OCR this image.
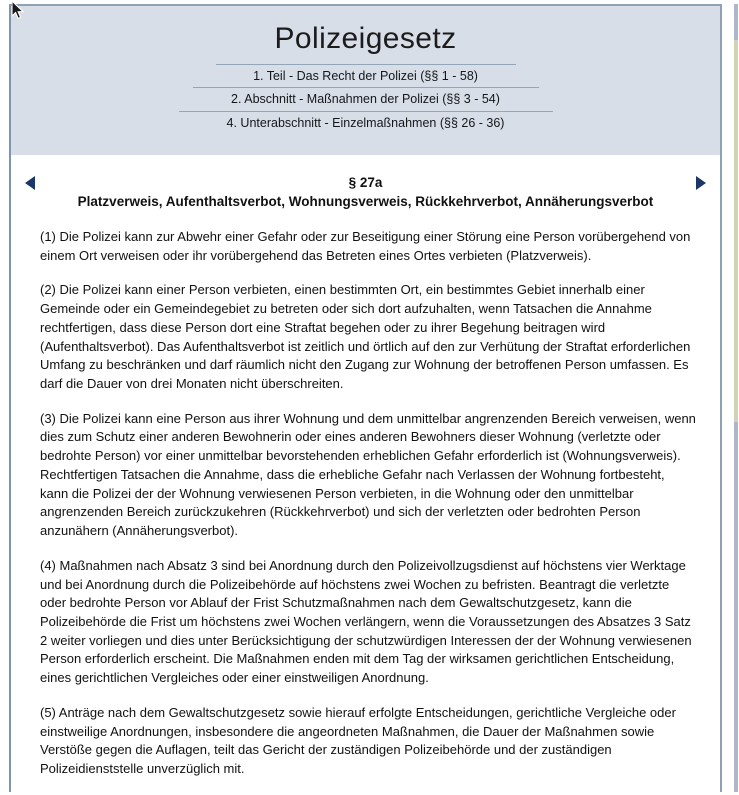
Polizeigesetz
1. Teil - Das Recht der Polizei (§§ 1 - 58)
2. Abschnitt - Maßnahmen der Polizei (§§ 3 - 54)
4. Unterabschnitt - Einzelmaßnahmen (§§ 26 - 36)
§ 27a
Platzverweis, Aufenthaltsverbot, Wohnungsverweis, Rückkehrverbot, Annäherungsverbot

(1) Die Polizei kann zur Abwehr einer Gefahr oder zur Beseitigung einer Störung eine Person vorübergehend von einem Ort verweisen oder ihr vorübergehend das Betreten eines Ortes verbieten (Platzverweis).

(2) Die Polizei kann einer Person verbieten, einen bestimmten Ort, ein bestimmtes Gebiet innerhalb einer Gemeinde oder ein Gemeindegebiet zu betreten oder sich dort aufzuhalten, wenn Tatsachen die Annahme rechtfertigen, dass diese Person dort eine Straftat begehen oder zu ihrer Begehung beitragen wird (Aufenthaltsverbot). Das Aufenthaltsverbot ist zeitlich und örtlich auf den zur Verhütung der Straftat erforderlichen Umfang zu beschränken und darf räumlich nicht den Zugang zur Wohnung der betroffenen Person umfassen. Es darf die Dauer von drei Monaten nicht überschreiten.

(3) Die Polizei kann eine Person aus ihrer Wohnung und dem unmittelbar angrenzenden Bereich verweisen, wenn dies zum Schutz einer anderen Bewohnerin oder eines anderen Bewohners dieser Wohnung (verletzte oder bedrohte Person) vor einer unmittelbar bevorstehenden erheblichen Gefahr erforderlich ist (Wohnungsverweis). Rechtfertigen Tatsachen die Annahme, dass die erhebliche Gefahr nach Verlassen der Wohnung fortbesteht, kann die Polizei der der Wohnung verwiesenen Person verbieten, in die Wohnung oder den unmittelbar angrenzenden Bereich zurückzukehren (Rückkehrverbot) und sich der verletzten oder bedrohten Person anzunähern (Annäherungsverbot).

(4) Maßnahmen nach Absatz 3 sind bei Anordnung durch den Polizeivollzugsdienst auf höchstens vier Werktage und bei Anordnung durch die Polizeibehörde auf höchstens zwei Wochen zu befristen. Beantragt die verletzte oder bedrohte Person vor Ablauf der Frist Schutzmaßnahmen nach dem Gewaltschutzgesetz, kann die Polizeibehörde die Frist um höchstens zwei Wochen verlängern, wenn die Voraussetzungen des Absatzes 3 Satz 2 weiter vorliegen und dies unter Berücksichtigung der schutzwürdigen Interessen der der Wohnung verwiesenen Person erforderlich erscheint. Die Maßnahmen enden mit dem Tag der wirksamen gerichtlichen Entscheidung, eines gerichtlichen Vergleiches oder einer einstweiligen Anordnung.

(5) Anträge nach dem Gewaltschutzgesetz sowie hierauf erfolgte Entscheidungen, gerichtliche Vergleiche oder einstweilige Anordnungen, insbesondere die angeordneten Maßnahmen, die Dauer der Maßnahmen sowie Verstöße gegen die Auflagen, teilt das Gericht der zuständigen Polizeibehörde und der zuständigen Polizeidienststelle unverzüglich mit.
